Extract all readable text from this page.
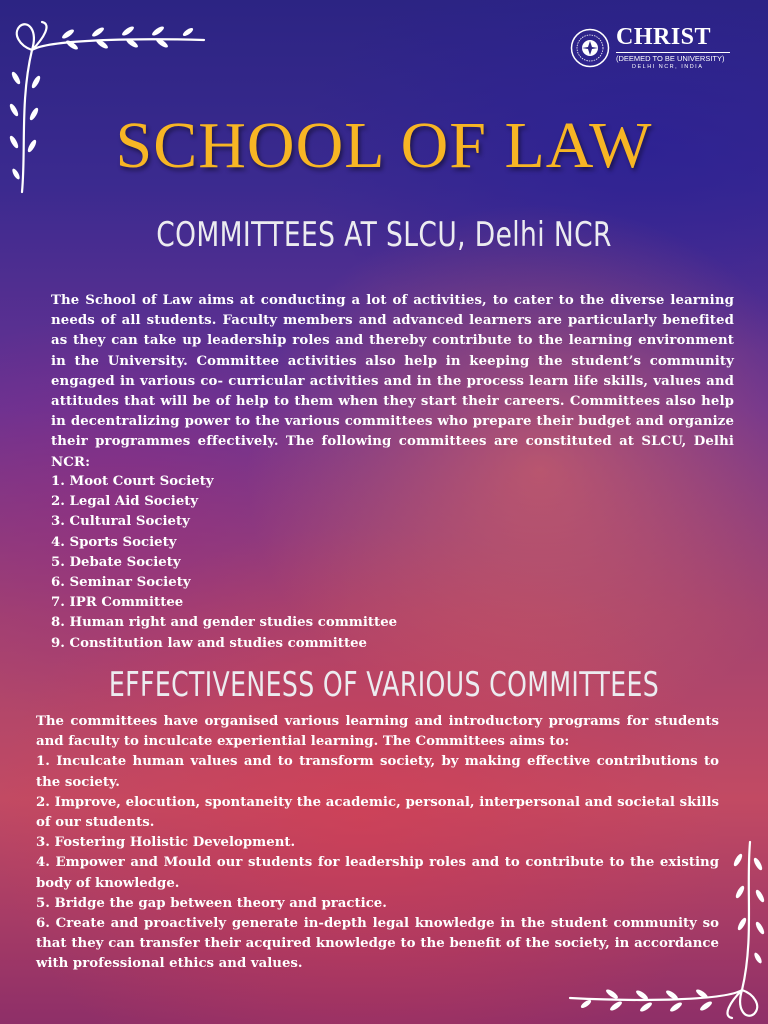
CHRIST
(DEEMED TO BE UNIVERSITY)
DELHI NCR, INDIA
SCHOOL OF LAW
COMMITTEES AT SLCU, Delhi NCR

The School of Law aims at conducting a lot of activities, to cater to the diverse learning needs of all students. Faculty members and advanced learners are particularly benefited as they can take up leadership roles and thereby contribute to the learning environment in the University. Committee activities also help in keeping the student’s community engaged in various co- curricular activities and in the process learn life skills, values and attitudes that will be of help to them when they start their careers. Committees also help in decentralizing power to the various committees who prepare their budget and organize their programmes effectively. The following committees are constituted at SLCU, Delhi NCR:

1. Moot Court Society
2. Legal Aid Society
3. Cultural Society
4. Sports Society
5. Debate Society
6. Seminar Society
7. IPR Committee
8. Human right and gender studies committee
9. Constitution law and studies committee
EFFECTIVENESS OF VARIOUS COMMITTEES

The committees have organised various learning and introductory programs for students and faculty to inculcate experiential learning. The Committees aims to:

1. Inculcate human values and to transform society, by making effective contributions to the society.

2. Improve, elocution, spontaneity the academic, personal, interpersonal and societal skills of our students.

3. Fostering Holistic Development.

4. Empower and Mould our students for leadership roles and to contribute to the existing body of knowledge.

5. Bridge the gap between theory and practice.

6. Create and proactively generate in-depth legal knowledge in the student community so that they can transfer their acquired knowledge to the benefit of the society, in accordance with professional ethics and values.
